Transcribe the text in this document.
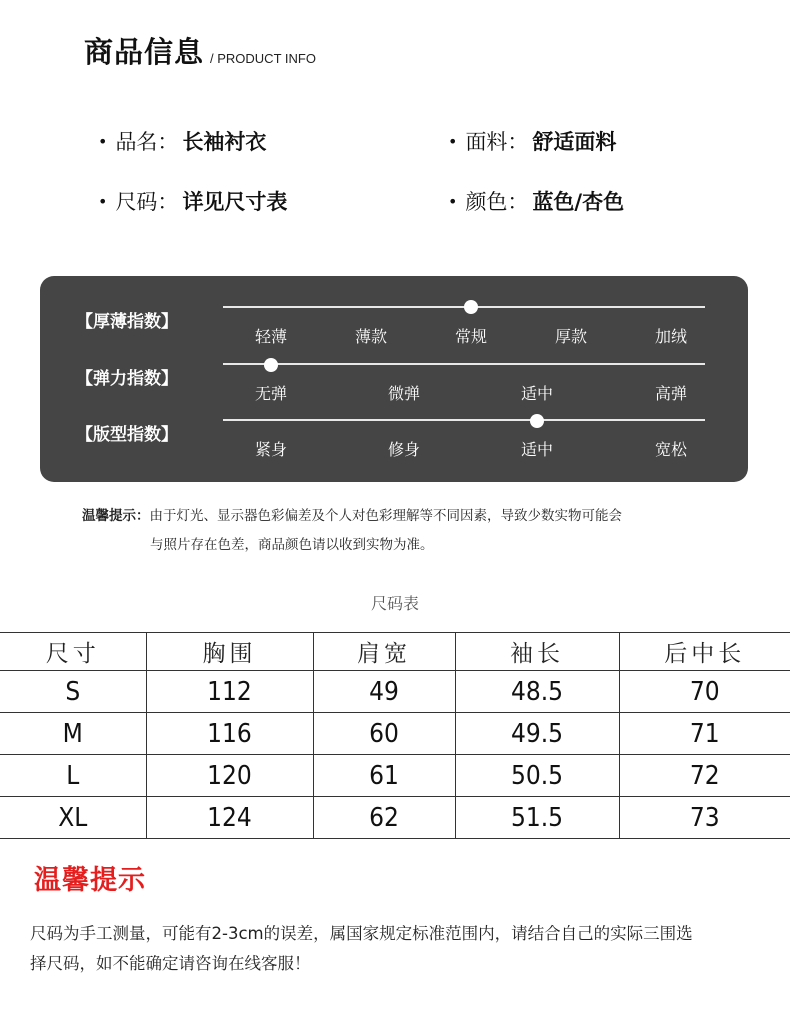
商品信息 / PRODUCT INFO
• 品名： 长袖衬衣	• 面料： 舒适面料
• 尺码： 详见尺寸表	• 颜色： 蓝色/杏色
【厚薄指数】
轻薄	薄款	常规	厚款	加绒
【弹力指数】
无弹	微弹	适中	高弹
【版型指数】
紧身	修身	适中	宽松
温馨提示：由于灯光、显示器色彩偏差及个人对色彩理解等不同因素，导致少数实物可能会
与照片存在色差，商品颜色请以收到实物为准。
尺码表
尺寸	胸围	肩宽	袖长	后中长
S	112	49	48.5	70
M	116	60	49.5	71
L	120	61	50.5	72
XL	124	62	51.5	73
温馨提示
尺码为手工测量，可能有2-3cm的误差，属国家规定标准范围内，请结合自己的实际三围选
择尺码，如不能确定请咨询在线客服！
